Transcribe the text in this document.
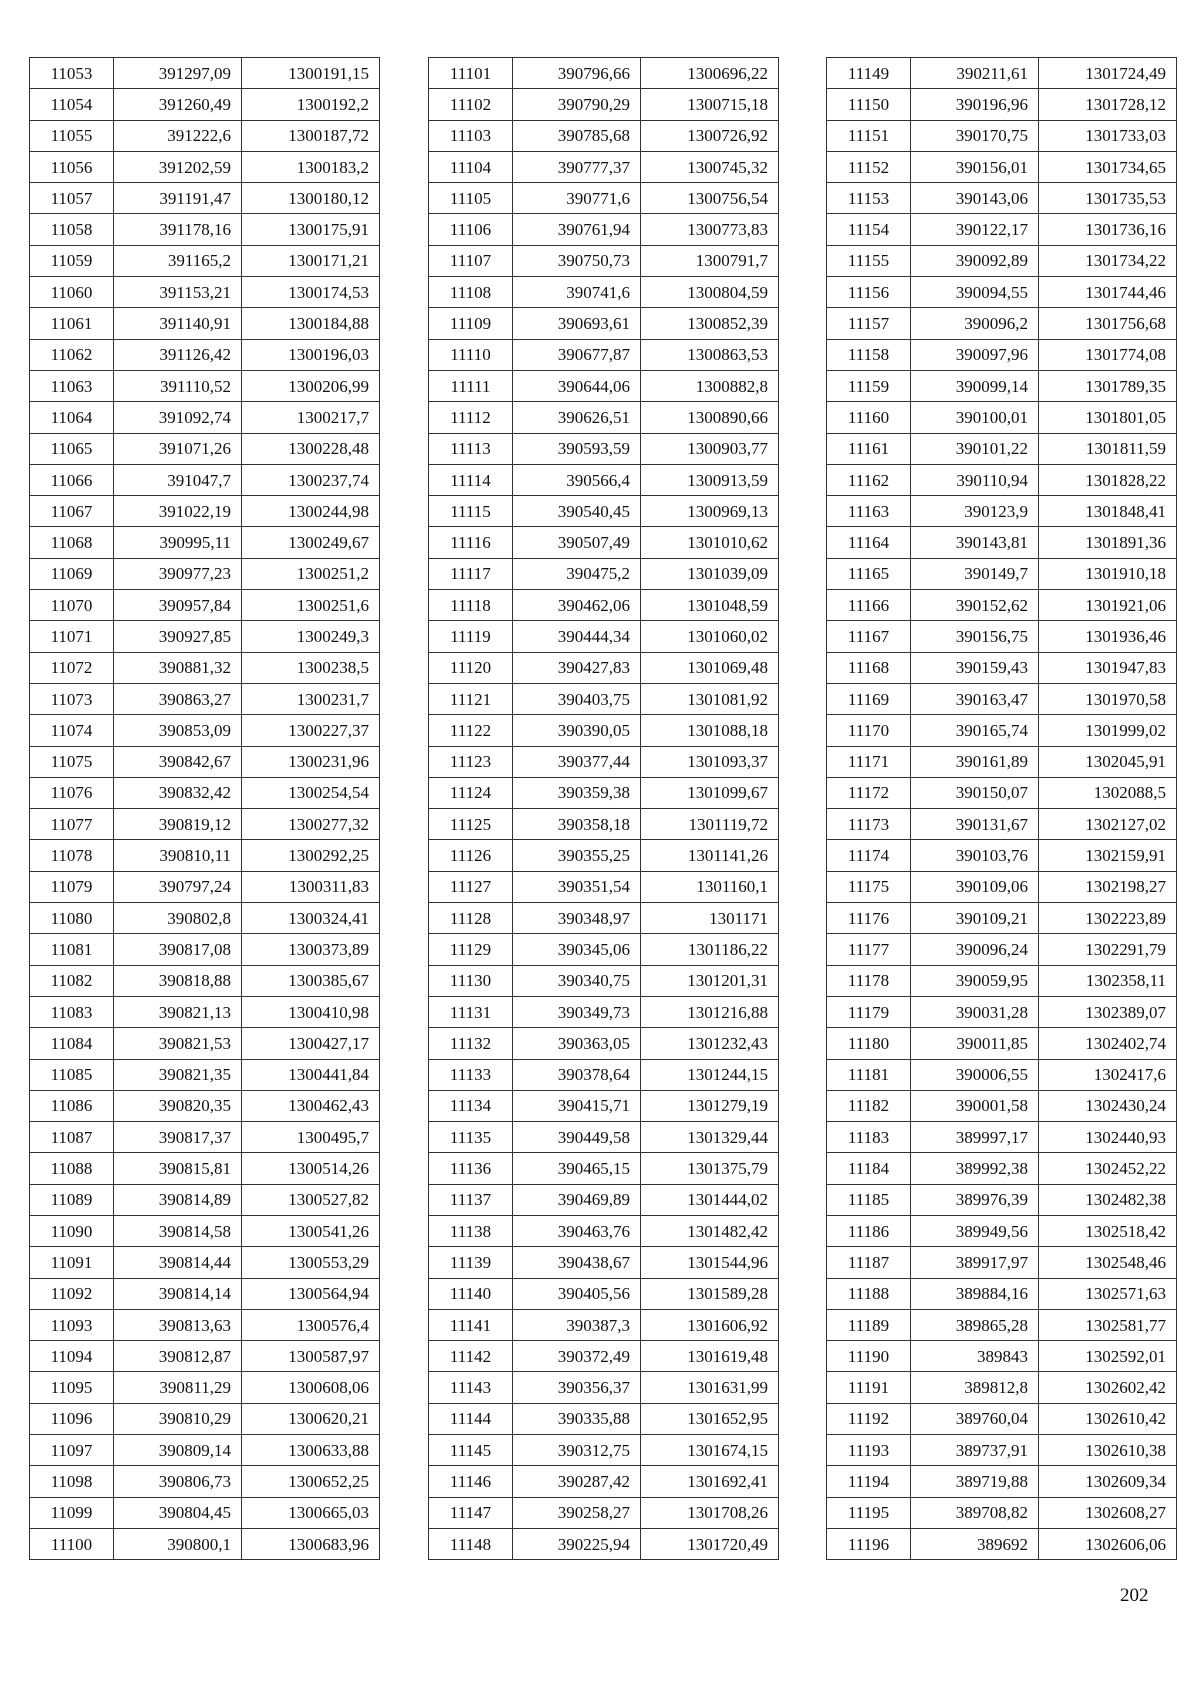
11053	391297,09	1300191,15
11054	391260,49	1300192,2
11055	391222,6	1300187,72
11056	391202,59	1300183,2
11057	391191,47	1300180,12
11058	391178,16	1300175,91
11059	391165,2	1300171,21
11060	391153,21	1300174,53
11061	391140,91	1300184,88
11062	391126,42	1300196,03
11063	391110,52	1300206,99
11064	391092,74	1300217,7
11065	391071,26	1300228,48
11066	391047,7	1300237,74
11067	391022,19	1300244,98
11068	390995,11	1300249,67
11069	390977,23	1300251,2
11070	390957,84	1300251,6
11071	390927,85	1300249,3
11072	390881,32	1300238,5
11073	390863,27	1300231,7
11074	390853,09	1300227,37
11075	390842,67	1300231,96
11076	390832,42	1300254,54
11077	390819,12	1300277,32
11078	390810,11	1300292,25
11079	390797,24	1300311,83
11080	390802,8	1300324,41
11081	390817,08	1300373,89
11082	390818,88	1300385,67
11083	390821,13	1300410,98
11084	390821,53	1300427,17
11085	390821,35	1300441,84
11086	390820,35	1300462,43
11087	390817,37	1300495,7
11088	390815,81	1300514,26
11089	390814,89	1300527,82
11090	390814,58	1300541,26
11091	390814,44	1300553,29
11092	390814,14	1300564,94
11093	390813,63	1300576,4
11094	390812,87	1300587,97
11095	390811,29	1300608,06
11096	390810,29	1300620,21
11097	390809,14	1300633,88
11098	390806,73	1300652,25
11099	390804,45	1300665,03
11100	390800,1	1300683,96
11101	390796,66	1300696,22
11102	390790,29	1300715,18
11103	390785,68	1300726,92
11104	390777,37	1300745,32
11105	390771,6	1300756,54
11106	390761,94	1300773,83
11107	390750,73	1300791,7
11108	390741,6	1300804,59
11109	390693,61	1300852,39
11110	390677,87	1300863,53
11111	390644,06	1300882,8
11112	390626,51	1300890,66
11113	390593,59	1300903,77
11114	390566,4	1300913,59
11115	390540,45	1300969,13
11116	390507,49	1301010,62
11117	390475,2	1301039,09
11118	390462,06	1301048,59
11119	390444,34	1301060,02
11120	390427,83	1301069,48
11121	390403,75	1301081,92
11122	390390,05	1301088,18
11123	390377,44	1301093,37
11124	390359,38	1301099,67
11125	390358,18	1301119,72
11126	390355,25	1301141,26
11127	390351,54	1301160,1
11128	390348,97	1301171
11129	390345,06	1301186,22
11130	390340,75	1301201,31
11131	390349,73	1301216,88
11132	390363,05	1301232,43
11133	390378,64	1301244,15
11134	390415,71	1301279,19
11135	390449,58	1301329,44
11136	390465,15	1301375,79
11137	390469,89	1301444,02
11138	390463,76	1301482,42
11139	390438,67	1301544,96
11140	390405,56	1301589,28
11141	390387,3	1301606,92
11142	390372,49	1301619,48
11143	390356,37	1301631,99
11144	390335,88	1301652,95
11145	390312,75	1301674,15
11146	390287,42	1301692,41
11147	390258,27	1301708,26
11148	390225,94	1301720,49
11149	390211,61	1301724,49
11150	390196,96	1301728,12
11151	390170,75	1301733,03
11152	390156,01	1301734,65
11153	390143,06	1301735,53
11154	390122,17	1301736,16
11155	390092,89	1301734,22
11156	390094,55	1301744,46
11157	390096,2	1301756,68
11158	390097,96	1301774,08
11159	390099,14	1301789,35
11160	390100,01	1301801,05
11161	390101,22	1301811,59
11162	390110,94	1301828,22
11163	390123,9	1301848,41
11164	390143,81	1301891,36
11165	390149,7	1301910,18
11166	390152,62	1301921,06
11167	390156,75	1301936,46
11168	390159,43	1301947,83
11169	390163,47	1301970,58
11170	390165,74	1301999,02
11171	390161,89	1302045,91
11172	390150,07	1302088,5
11173	390131,67	1302127,02
11174	390103,76	1302159,91
11175	390109,06	1302198,27
11176	390109,21	1302223,89
11177	390096,24	1302291,79
11178	390059,95	1302358,11
11179	390031,28	1302389,07
11180	390011,85	1302402,74
11181	390006,55	1302417,6
11182	390001,58	1302430,24
11183	389997,17	1302440,93
11184	389992,38	1302452,22
11185	389976,39	1302482,38
11186	389949,56	1302518,42
11187	389917,97	1302548,46
11188	389884,16	1302571,63
11189	389865,28	1302581,77
11190	389843	1302592,01
11191	389812,8	1302602,42
11192	389760,04	1302610,42
11193	389737,91	1302610,38
11194	389719,88	1302609,34
11195	389708,82	1302608,27
11196	389692	1302606,06
202
